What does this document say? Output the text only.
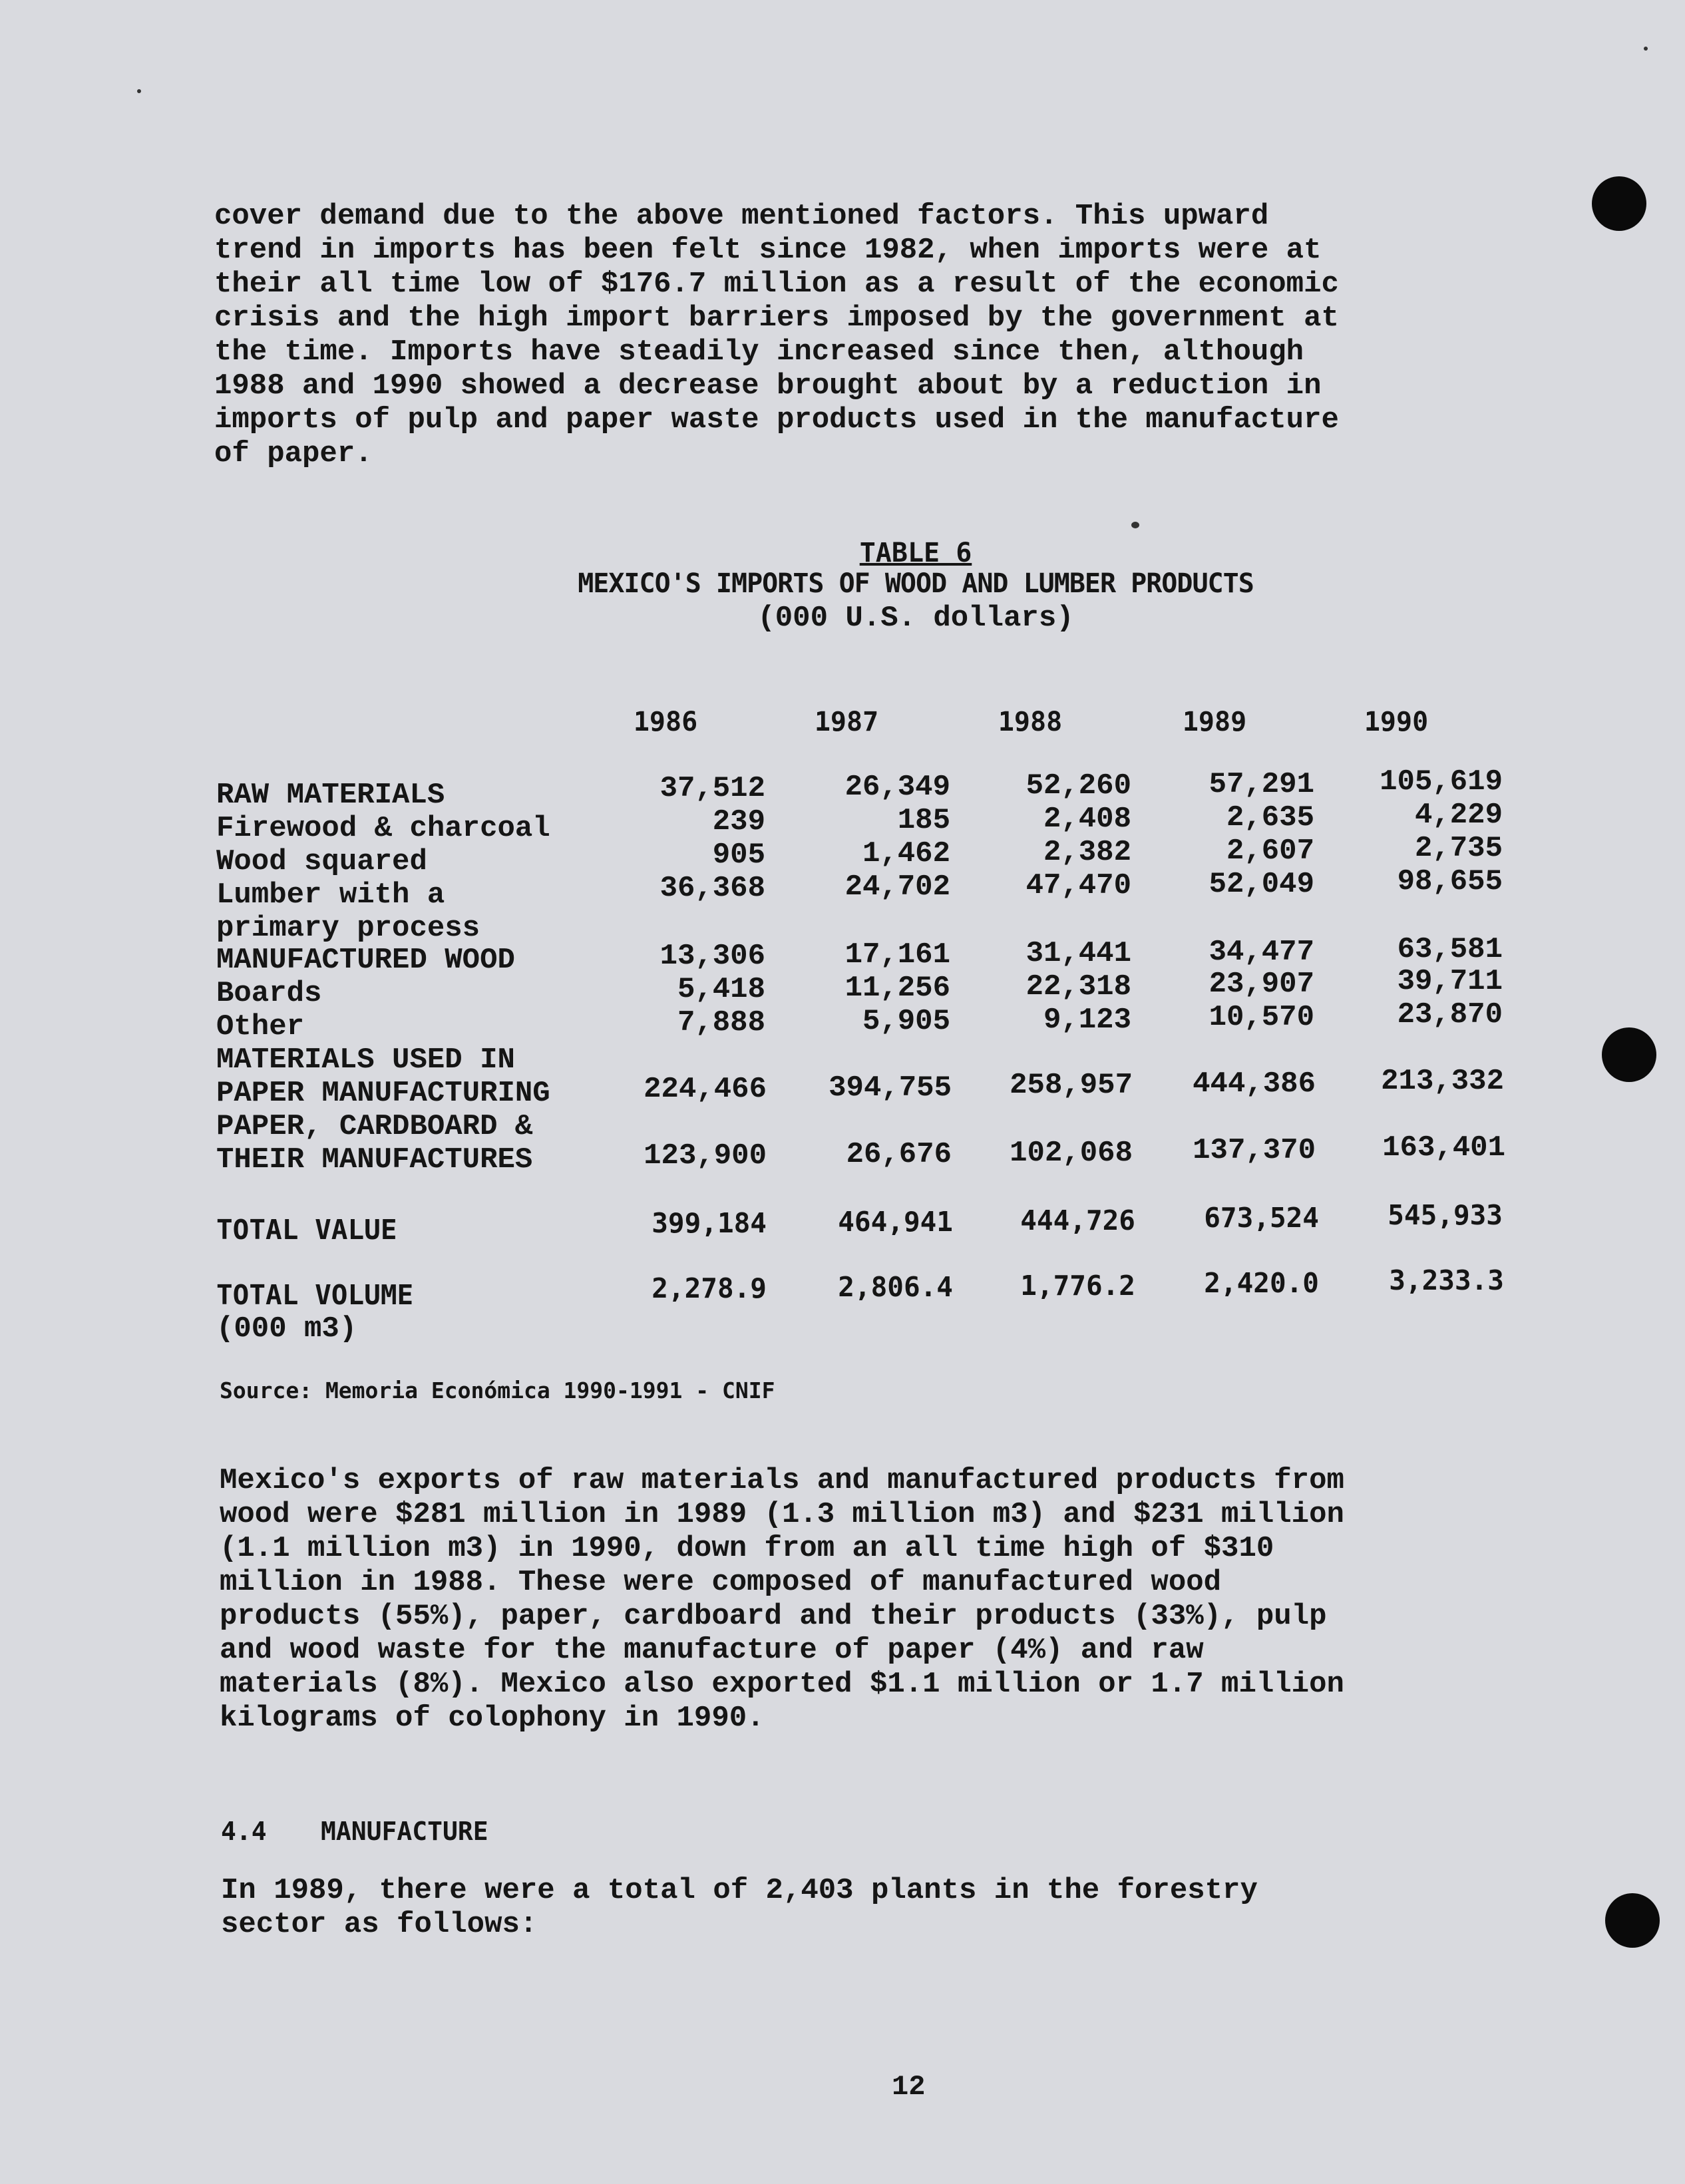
cover demand due to the above mentioned factors. This upward
trend in imports has been felt since 1982, when imports were at
their all time low of $176.7 million as a result of the economic
crisis and the high import barriers imposed by the government at
the time. Imports have steadily increased since then, although
1988 and 1990 showed a decrease brought about by a reduction in
imports of pulp and paper waste products used in the manufacture
of paper.
TABLE 6
MEXICO'S IMPORTS OF WOOD AND LUMBER PRODUCTS
(000 U.S. dollars)
1986	1987	1988	1989	1990
RAW MATERIALS	37,512	26,349	52,260	57,291	105,619
Firewood & charcoal	239	185	2,408	2,635	4,229
Wood squared	905	1,462	2,382	2,607	2,735
Lumber with a
primary process
36,368	24,702	47,470	52,049	98,655
MANUFACTURED WOOD	13,306	17,161	31,441	34,477	63,581
Boards	5,418	11,256	22,318	23,907	39,711
Other	7,888	5,905	9,123	10,570	23,870
MATERIALS USED IN
PAPER MANUFACTURING	224,466	394,755	258,957	444,386	213,332
PAPER, CARDBOARD &
THEIR MANUFACTURES	123,900	26,676	102,068	137,370	163,401
TOTAL VALUE	399,184	464,941	444,726	673,524	545,933
TOTAL VOLUME
(000 m3)
2,278.9	2,806.4	1,776.2	2,420.0	3,233.3
Source: Memoria Económica 1990-1991 - CNIF
Mexico's exports of raw materials and manufactured products from
wood were $281 million in 1989 (1.3 million m3) and $231 million
(1.1 million m3) in 1990, down from an all time high of $310
million in 1988. These were composed of manufactured wood
products (55%), paper, cardboard and their products (33%), pulp
and wood waste for the manufacture of paper (4%) and raw
materials (8%). Mexico also exported $1.1 million or 1.7 million
kilograms of colophony in 1990.
4.4 MANUFACTURE
In 1989, there were a total of 2,403 plants in the forestry
sector as follows:
12
